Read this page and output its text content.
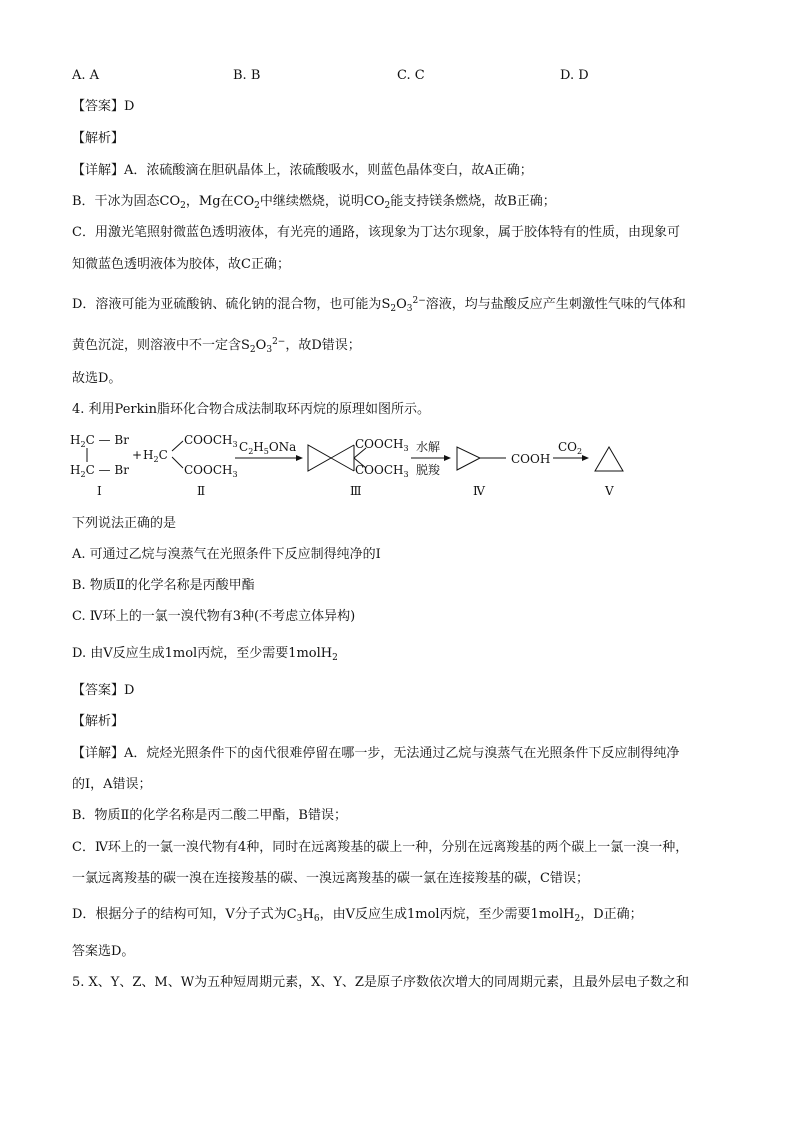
A. A	B. B	C. C	D. D
【答案】D
【解析】
【详解】A．浓硫酸滴在胆矾晶体上，浓硫酸吸水，则蓝色晶体变白，故A正确；
B．干冰为固态$CO_2$，Mg在$CO_2$中继续燃烧，说明$CO_2$能支持镁条燃烧，故B正确；
C．用激光笔照射微蓝色透明液体，有光亮的通路，该现象为丁达尔现象，属于胶体特有的性质，由现象可
知微蓝色透明液体为胶体，故C正确；
D．溶液可能为亚硫酸钠、硫化钠的混合物，也可能为$S_2O_3^{2-}$溶液，均与盐酸反应产生刺激性气味的气体和
黄色沉淀，则溶液中不一定含$S_2O_3^{2-}$，故D错误；
故选D。
4. 利用Perkin脂环化合物合成法制取环丙烷的原理如图所示。
$H_2C$ — Br
$H_2C$ — Br
Ⅰ
+ $H_2C$
$COOCH_3$
$COOCH_3$
Ⅱ
$C_2H_5ONa$	$COOCH_3$
$COOCH_3$
Ⅲ
水解
脱羧
COOH
Ⅳ
$CO_2$
Ⅴ
下列说法正确的是
A. 可通过乙烷与溴蒸气在光照条件下反应制得纯净的Ⅰ
B. 物质Ⅱ的化学名称是丙酸甲酯
C. Ⅳ环上的一氯一溴代物有3种(不考虑立体异构)
D. 由Ⅴ反应生成1mol丙烷，至少需要1molH$_2$
【答案】D
【解析】
【详解】A．烷烃光照条件下的卤代很难停留在哪一步，无法通过乙烷与溴蒸气在光照条件下反应制得纯净
的Ⅰ，A错误；
B．物质Ⅱ的化学名称是丙二酸二甲酯，B错误；
C．Ⅳ环上的一氯一溴代物有4种，同时在远离羧基的碳上一种，分别在远离羧基的两个碳上一氯一溴一种，
一氯远离羧基的碳一溴在连接羧基的碳、一溴远离羧基的碳一氯在连接羧基的碳，C错误；
D．根据分子的结构可知，Ⅴ分子式为$C_3H_6$，由Ⅴ反应生成1mol丙烷，至少需要1molH$_2$，D正确；
答案选D。
5. X、Y、Z、M、W为五种短周期元素，X、Y、Z是原子序数依次增大的同周期元素，且最外层电子数之和
